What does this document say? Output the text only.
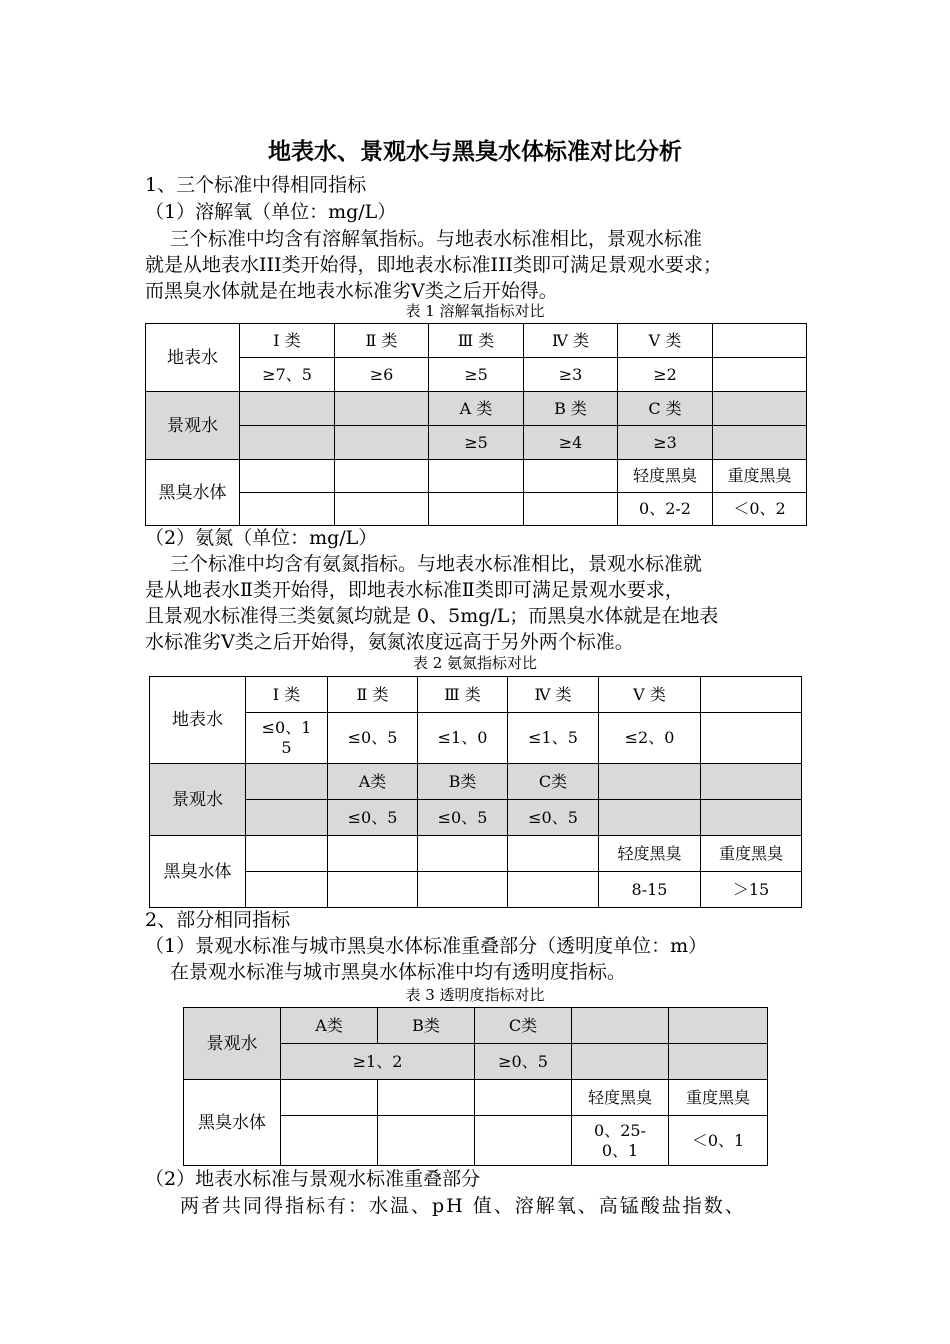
地表水、景观水与黑臭水体标准对比分析
1、三个标准中得相同指标
（1）溶解氧（单位：mg/L）
三个标准中均含有溶解氧指标。与地表水标准相比，景观水标准
就是从地表水III类开始得，即地表水标准III类即可满足景观水要求；
而黑臭水体就是在地表水标准劣Ⅴ类之后开始得。
表 1 溶解氧指标对比
地表水	Ⅰ 类	Ⅱ 类	Ⅲ 类	Ⅳ 类	Ⅴ 类	
	≥7、5	≥6	≥5	≥3	≥2	
景观水			A 类	B 类	C 类	
			≥5	≥4	≥3	
黑臭水体					轻度黑臭	重度黑臭
					0、2-2	＜0、2
（2）氨氮（单位：mg/L）
三个标准中均含有氨氮指标。与地表水标准相比，景观水标准就
是从地表水Ⅱ类开始得，即地表水标准Ⅱ类即可满足景观水要求，
且景观水标准得三类氨氮均就是 0、5mg/L；而黑臭水体就是在地表
水标准劣Ⅴ类之后开始得，氨氮浓度远高于另外两个标准。
表 2 氨氮指标对比
地表水	Ⅰ 类	Ⅱ 类	Ⅲ 类	Ⅳ 类	Ⅴ 类	
	≤0、1
5	≤0、5	≤1、0	≤1、5	≤2、0	
景观水		A类	B类	C类		
		≤0、5	≤0、5	≤0、5		
黑臭水体					轻度黑臭	重度黑臭
					8-15	＞15
2、部分相同指标
（1）景观水标准与城市黑臭水体标准重叠部分（透明度单位：m）
在景观水标准与城市黑臭水体标准中均有透明度指标。
表 3 透明度指标对比
景观水	A类	B类	C类		
	≥1、2		≥0、5		
黑臭水体				轻度黑臭	重度黑臭
				0、25-
0、1	＜0、1
（2）地表水标准与景观水标准重叠部分
两者共同得指标有：水温、pH 值、溶解氧、高锰酸盐指数、
